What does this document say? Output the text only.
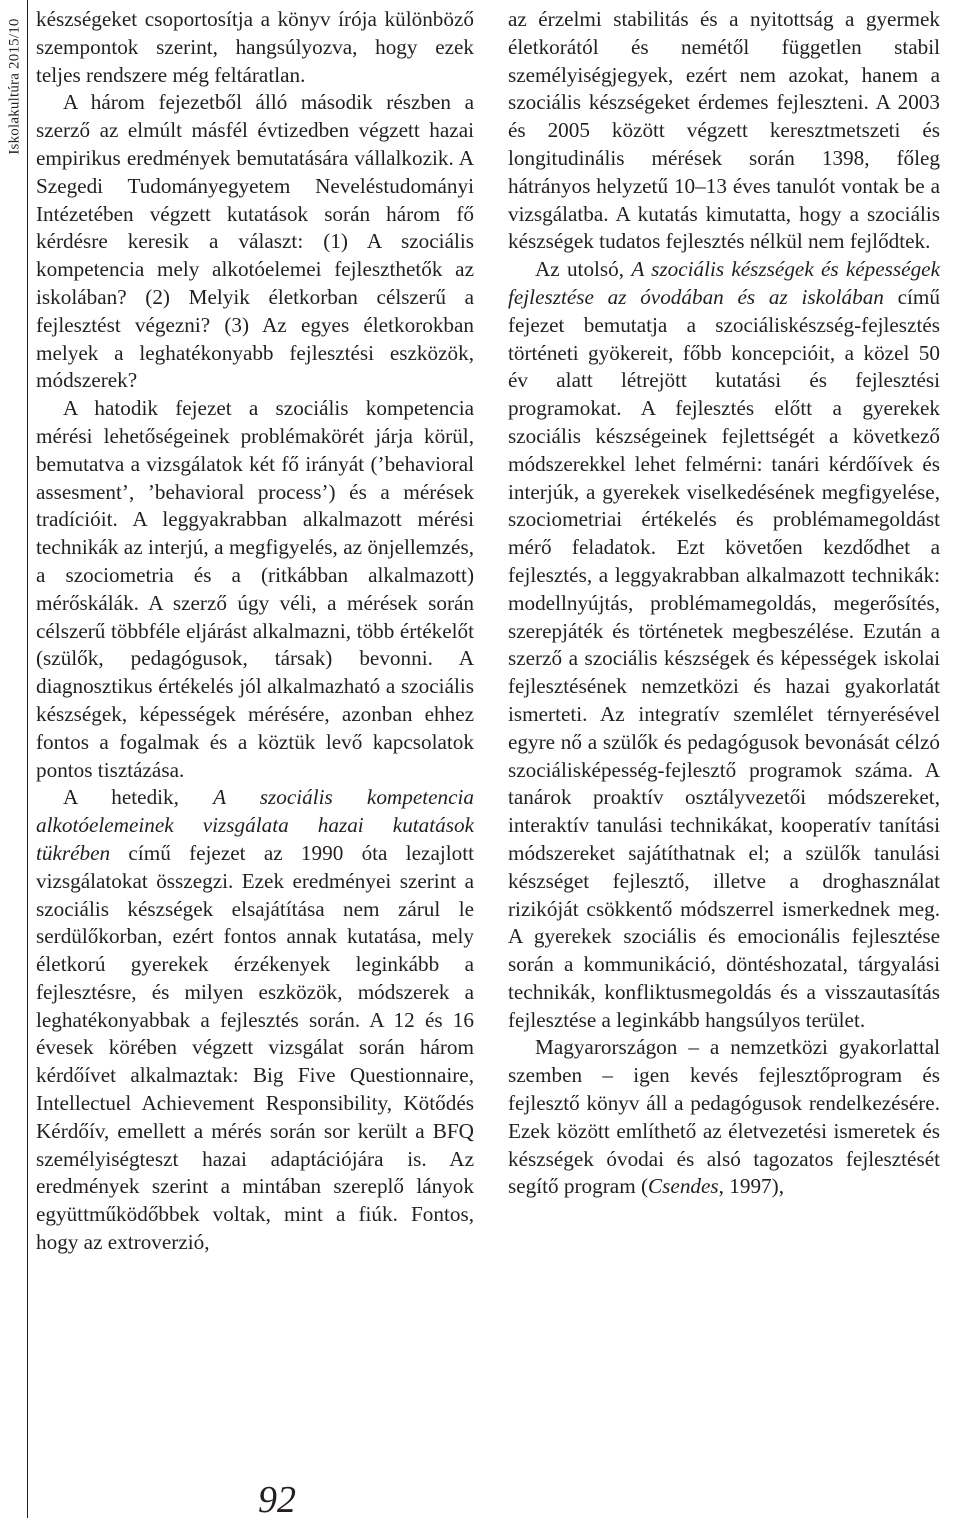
Iskolakultúra 2015/10 készségeket csoportosítja a könyv írója különböző szempontok szerint, hangsúlyozva, hogy ezek teljes rendszere még feltáratlan.

A három fejezetből álló második részben a szerző az elmúlt másfél évtizedben végzett hazai empirikus eredmények bemutatására vállalkozik. A Szegedi Tudományegyetem Neveléstudományi Intézetében végzett kutatások során három fő kérdésre keresik a választ: (1) A szociális kompetencia mely alkotóelemei fejleszthetők az iskolában? (2) Melyik életkorban célszerű a fejlesztést végezni? (3) Az egyes életkorokban melyek a leghatékonyabb fejlesztési eszközök, módszerek?

A hatodik fejezet a szociális kompetencia mérési lehetőségeinek problémakörét járja körül, bemutatva a vizsgálatok két fő irányát (’behavioral assesment’, ’behavioral process’) és a mérések tradícióit. A leggyakrabban alkalmazott mérési technikák az interjú, a megfigyelés, az önjellemzés, a szociometria és a (ritkábban alkalmazott) mérőskálák. A szerző úgy véli, a mérések során célszerű többféle eljárást alkalmazni, több értékelőt (szülők, pedagógusok, társak) bevonni. A diagnosztikus értékelés jól alkalmazható a szociális készségek, képességek mérésére, azonban ehhez fontos a fogalmak és a köztük levő kapcsolatok pontos tisztázása.

A hetedik, A szociális kompetencia alkotóelemeinek vizsgálata hazai kutatások tükrében című fejezet az 1990 óta lezajlott vizsgálatokat összegzi. Ezek eredményei szerint a szociális készségek elsajátítása nem zárul le serdülőkorban, ezért fontos annak kutatása, mely életkorú gyerekek érzékenyek leginkább a fejlesztésre, és milyen eszközök, módszerek a leghatékonyabbak a fejlesztés során. A 12 és 16 évesek körében végzett vizsgálat során három kérdőívet alkalmaztak: Big Five Questionnaire, Intellectuel Achievement Responsibility, Kötődés Kérdőív, emellett a mérés során sor került a BFQ személyiségteszt hazai adaptációjára is. Az eredmények szerint a mintában szereplő lányok együttműködőbbek voltak, mint a fiúk. Fontos, hogy az extroverzió,

az érzelmi stabilitás és a nyitottság a gyermek életkorától és nemétől független stabil személyiségjegyek, ezért nem azokat, hanem a szociális készségeket érdemes fejleszteni. A 2003 és 2005 között végzett keresztmetszeti és longitudinális mérések során 1398, főleg hátrányos helyzetű 10–13 éves tanulót vontak be a vizsgálatba. A kutatás kimutatta, hogy a szociális készségek tudatos fejlesztés nélkül nem fejlődtek.

Az utolsó, A szociális készségek és képességek fejlesztése az óvodában és az iskolában című fejezet bemutatja a szociáliskészség-fejlesztés történeti gyökereit, főbb koncepcióit, a közel 50 év alatt létrejött kutatási és fejlesztési programokat. A fejlesztés előtt a gyerekek szociális készségeinek fejlettségét a következő módszerekkel lehet felmérni: tanári kérdőívek és interjúk, a gyerekek viselkedésének megfigyelése, szociometriai értékelés és problémamegoldást mérő feladatok. Ezt követően kezdődhet a fejlesztés, a leggyakrabban alkalmazott technikák: modellnyújtás, problémamegoldás, megerősítés, szerepjáték és történetek megbeszélése. Ezután a szerző a szociális készségek és képességek iskolai fejlesztésének nemzetközi és hazai gyakorlatát ismerteti. Az integratív szemlélet térnyerésével egyre nő a szülők és pedagógusok bevonását célzó szociálisképesség-fejlesztő programok száma. A tanárok proaktív osztályvezetői módszereket, interaktív tanulási technikákat, kooperatív tanítási módszereket sajátíthatnak el; a szülők tanulási készséget fejlesztő, illetve a droghasználat rizikóját csökkentő módszerrel ismerkednek meg. A gyerekek szociális és emocionális fejlesztése során a kommunikáció, döntéshozatal, tárgyalási technikák, konfliktusmegoldás és a visszautasítás fejlesztése a leginkább hangsúlyos terület.

Magyarországon – a nemzetközi gyakorlattal szemben – igen kevés fejlesztőprogram és fejlesztő könyv áll a pedagógusok rendelkezésére. Ezek között említhető az életvezetési ismeretek és készségek óvodai és alsó tagozatos fejlesztését segítő program (Csendes, 1997),

92
